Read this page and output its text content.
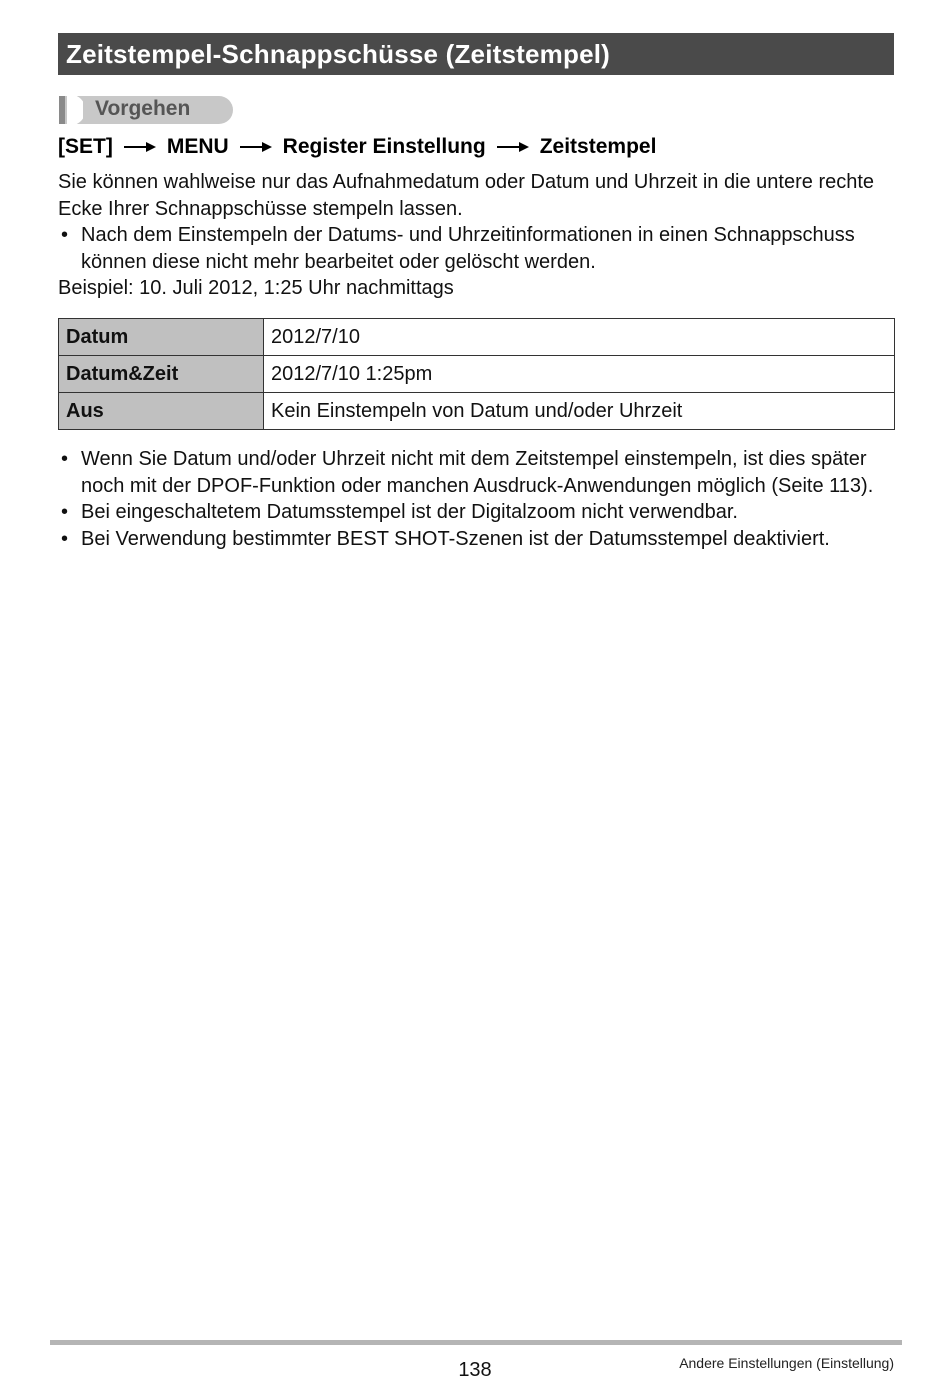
Zeitstempel-Schnappschüsse (Zeitstempel)
Vorgehen
[SET]	MENU	Register Einstellung	Zeitstempel
Sie können wahlweise nur das Aufnahmedatum oder Datum und Uhrzeit in die untere rechte Ecke Ihrer Schnappschüsse stempeln lassen.
• Nach dem Einstempeln der Datums- und Uhrzeitinformationen in einen Schnappschuss können diese nicht mehr bearbeitet oder gelöscht werden.
Beispiel: 10. Juli 2012, 1:25 Uhr nachmittags
Datum	2012/7/10
Datum&Zeit	2012/7/10 1:25pm
Aus	Kein Einstempeln von Datum und/oder Uhrzeit
• Wenn Sie Datum und/oder Uhrzeit nicht mit dem Zeitstempel einstempeln, ist dies später noch mit der DPOF-Funktion oder manchen Ausdruck-Anwendungen möglich (Seite 113).
• Bei eingeschaltetem Datumsstempel ist der Digitalzoom nicht verwendbar.
• Bei Verwendung bestimmter BEST SHOT-Szenen ist der Datumsstempel deaktiviert.
138	Andere Einstellungen (Einstellung)
